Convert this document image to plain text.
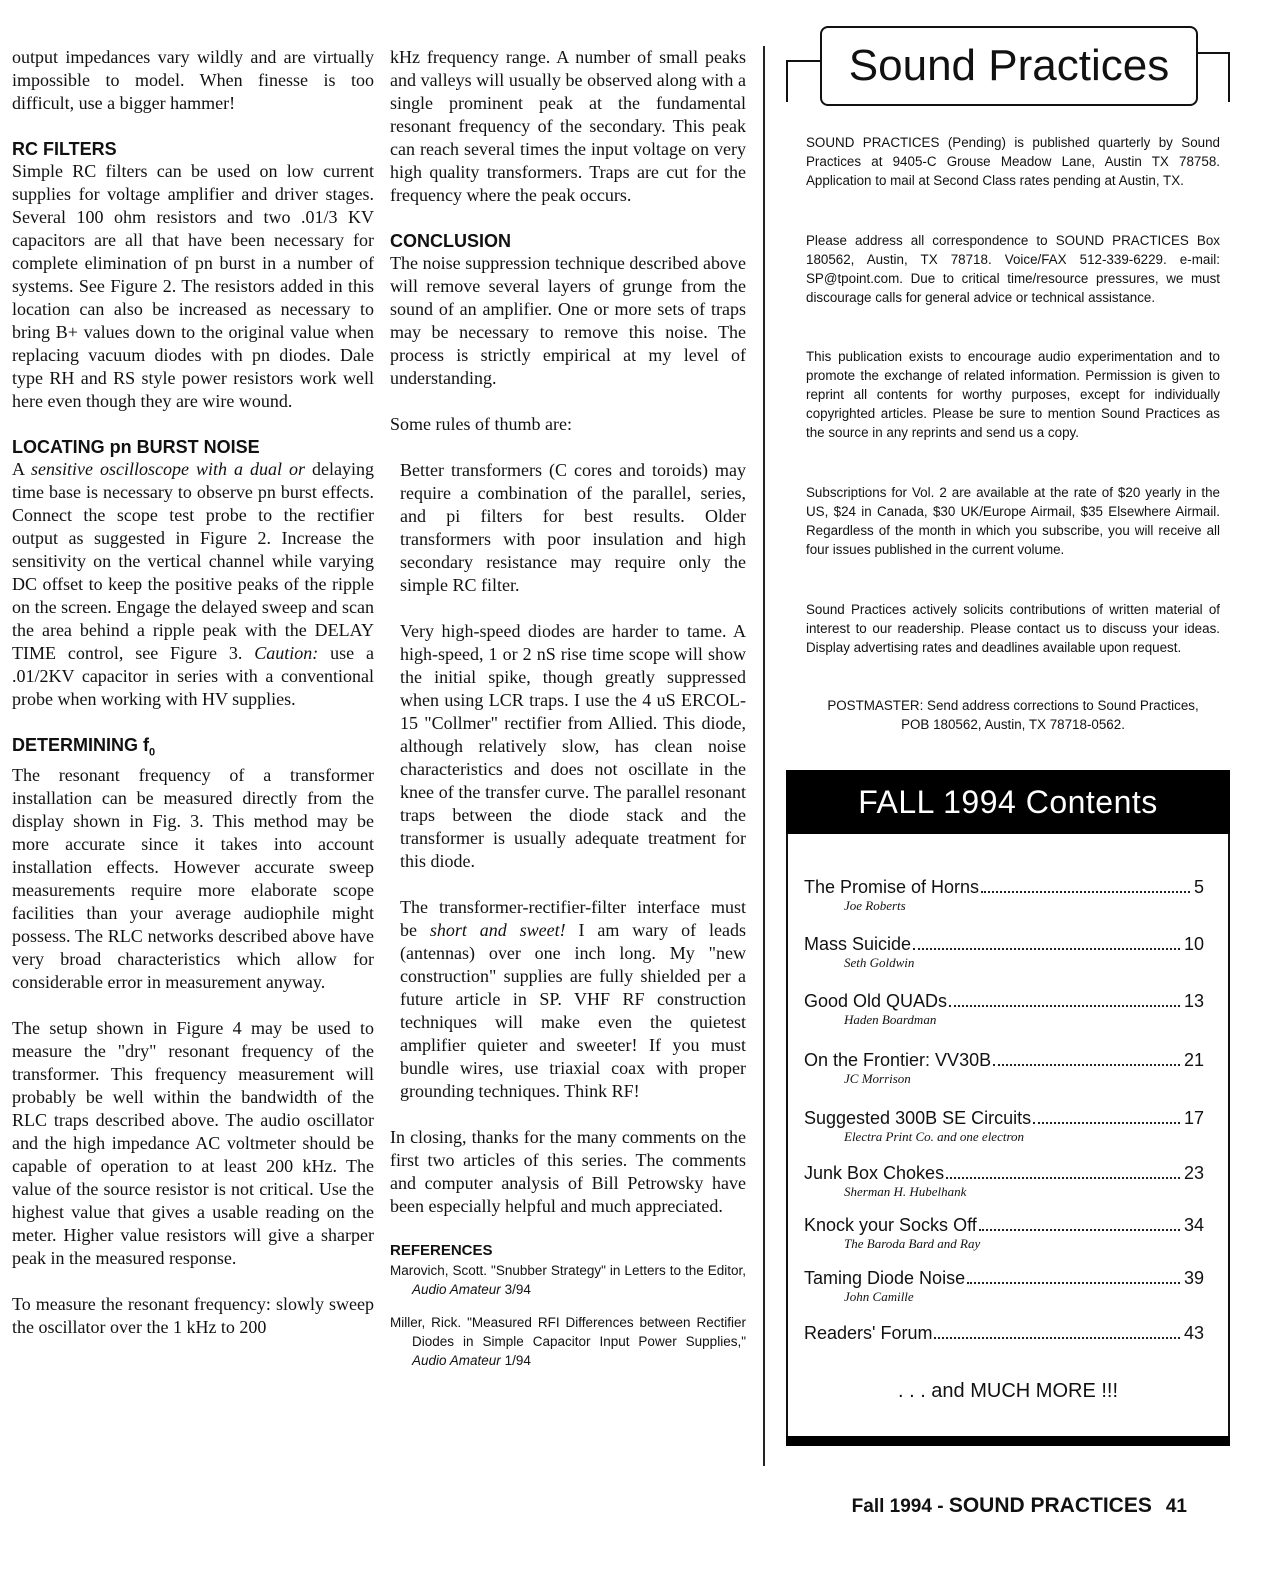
output impedances vary wildly and are virtually impossible to model. When finesse is too difficult, use a bigger hammer!

RC FILTERS

Simple RC filters can be used on low current supplies for voltage amplifier and driver stages. Several 100 ohm resistors and two .01/3 KV capacitors are all that have been necessary for complete elimination of pn burst in a number of systems. See Figure 2. The resistors added in this location can also be increased as necessary to bring B+ values down to the original value when replacing vacuum diodes with pn diodes. Dale type RH and RS style power resistors work well here even though they are wire wound.

LOCATING pn BURST NOISE

A sensitive oscilloscope with a dual or delaying time base is necessary to observe pn burst effects. Connect the scope test probe to the rectifier output as suggested in Figure 2. Increase the sensitivity on the vertical channel while varying DC offset to keep the positive peaks of the ripple on the screen. Engage the delayed sweep and scan the area behind a ripple peak with the DELAY TIME control, see Figure 3. Caution: use a .01/2KV capacitor in series with a conventional probe when working with HV supplies.

DETERMINING $f_0$

The resonant frequency of a transformer installation can be measured directly from the display shown in Fig. 3. This method may be more accurate since it takes into account installation effects. However accurate sweep measurements require more elaborate scope facilities than your average audiophile might possess. The RLC networks described above have very broad characteristics which allow for considerable error in measurement anyway.

The setup shown in Figure 4 may be used to measure the "dry" resonant frequency of the transformer. This frequency measurement will probably be well within the bandwidth of the RLC traps described above. The audio oscillator and the high impedance AC voltmeter should be capable of operation to at least 200 kHz. The value of the source resistor is not critical. Use the highest value that gives a usable reading on the meter. Higher value resistors will give a sharper peak in the measured response.

To measure the resonant frequency: slowly sweep the oscillator over the 1 kHz to 200

kHz frequency range. A number of small peaks and valleys will usually be observed along with a single prominent peak at the fundamental resonant frequency of the secondary. This peak can reach several times the input voltage on very high quality transformers. Traps are cut for the frequency where the peak occurs.

CONCLUSION

The noise suppression technique described above will remove several layers of grunge from the sound of an amplifier. One or more sets of traps may be necessary to remove this noise. The process is strictly empirical at my level of understanding.

Some rules of thumb are:

Better transformers (C cores and toroids) may require a combination of the parallel, series, and pi filters for best results. Older transformers with poor insulation and high secondary resistance may require only the simple RC filter.

Very high-speed diodes are harder to tame. A high-speed, 1 or 2 nS rise time scope will show the initial spike, though greatly suppressed when using LCR traps. I use the 4 uS ERCOL-15 "Collmer" rectifier from Allied. This diode, although relatively slow, has clean noise characteristics and does not oscillate in the knee of the transfer curve. The parallel resonant traps between the diode stack and the transformer is usually adequate treatment for this diode.

The transformer-rectifier-filter interface must be short and sweet! I am wary of leads (antennas) over one inch long. My "new construction" supplies are fully shielded per a future article in SP. VHF RF construction techniques will make even the quietest amplifier quieter and sweeter! If you must bundle wires, use triaxial coax with proper grounding techniques. Think RF!

In closing, thanks for the many comments on the first two articles of this series. The comments and computer analysis of Bill Petrowsky have been especially helpful and much appreciated.

REFERENCES

Marovich, Scott. "Snubber Strategy" in Letters to the Editor, Audio Amateur 3/94

Miller, Rick. "Measured RFI Differences between Rectifier Diodes in Simple Capacitor Input Power Supplies," Audio Amateur 1/94

Sound Practices

SOUND PRACTICES (Pending) is published quarterly by Sound Practices at 9405-C Grouse Meadow Lane, Austin TX 78758. Application to mail at Second Class rates pending at Austin, TX.

Please address all correspondence to SOUND PRACTICES Box 180562, Austin, TX 78718. Voice/FAX 512-339-6229. e-mail: SP@tpoint.com. Due to critical time/resource pressures, we must discourage calls for general advice or technical assistance.

This publication exists to encourage audio experimentation and to promote the exchange of related information. Permission is given to reprint all contents for worthy purposes, except for individually copyrighted articles. Please be sure to mention Sound Practices as the source in any reprints and send us a copy.

Subscriptions for Vol. 2 are available at the rate of $20 yearly in the US, $24 in Canada, $30 UK/Europe Airmail, $35 Elsewhere Airmail. Regardless of the month in which you subscribe, you will receive all four issues published in the current volume.

Sound Practices actively solicits contributions of written material of interest to our readership. Please contact us to discuss your ideas. Display advertising rates and deadlines available upon request.

POSTMASTER: Send address corrections to Sound Practices, POB 180562, Austin, TX 78718-0562.

FALL 1994 Contents
The Promise of Horns	5
Joe Roberts
Mass Suicide	10
Seth Goldwin
Good Old QUADs	13
Haden Boardman
On the Frontier: VV30B	21
JC Morrison
Suggested 300B SE Circuits	17
Electra Print Co. and one electron
Junk Box Chokes	23
Sherman H. Hubelhank
Knock your Socks Off	34
The Baroda Bard and Ray
Taming Diode Noise	39
John Camille
Readers' Forum	43
. . . and MUCH MORE !!!
Fall 1994 - SOUND PRACTICES 41
